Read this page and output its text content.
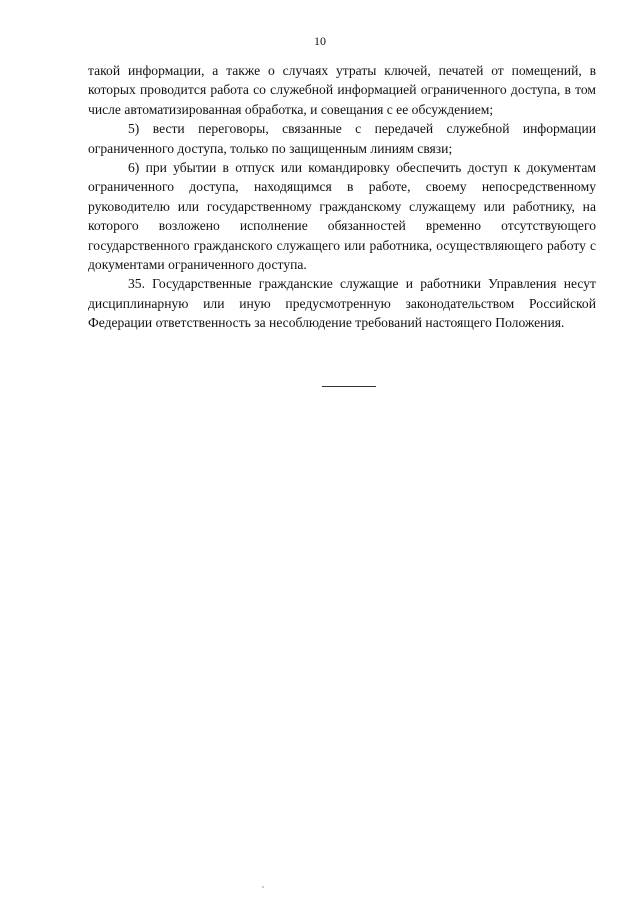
10

такой информации, а также о случаях утраты ключей, печатей от помещений, в которых проводится работа со служебной информацией ограниченного доступа, в том числе автоматизированная обработка, и совещания с ее обсуждением;

5) вести переговоры, связанные с передачей служебной информации ограниченного доступа, только по защищенным линиям связи;

6) при убытии в отпуск или командировку обеспечить доступ к документам ограниченного доступа, находящимся в работе, своему непосредственному руководителю или государственному гражданскому служащему или работнику, на которого возложено исполнение обязанностей временно отсутствующего государственного гражданского служащего или работника, осуществляющего работу с документами ограниченного доступа.

35. Государственные гражданские служащие и работники Управления несут дисциплинарную или иную предусмотренную законодательством Российской Федерации ответственность за несоблюдение требований настоящего Положения.
